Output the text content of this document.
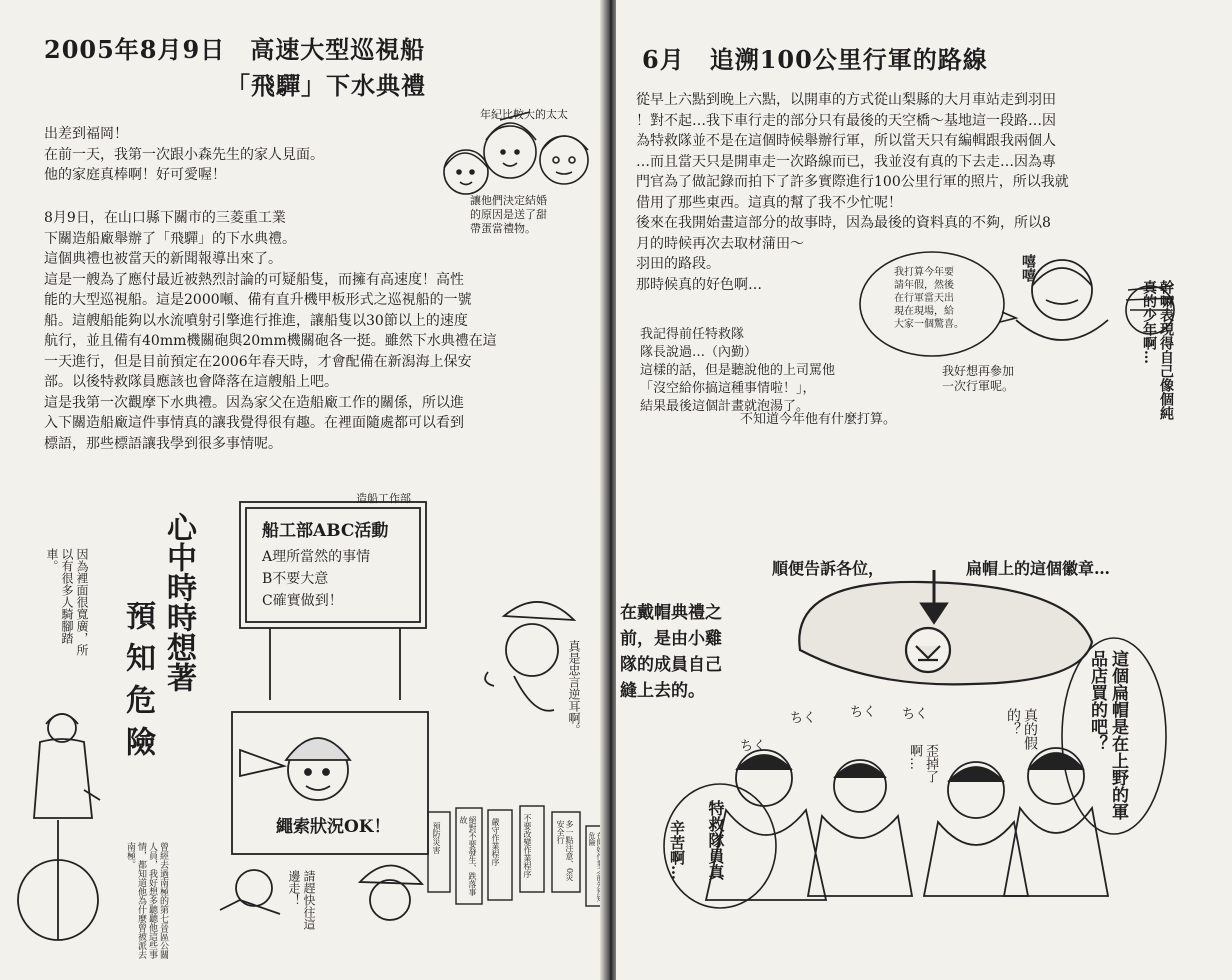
2005年8月9日　高速大型巡視船
「飛驒」下水典禮
年紀比較大的太太
讓他們決定結婚
的原因是送了甜
帶蛋當禮物。
出差到福岡！
在前一天，我第一次跟小森先生的家人見面。
他的家庭真棒啊！好可愛喔！
8月9日，在山口縣下關市的三菱重工業
下關造船廠舉辦了「飛驒」的下水典禮。
這個典禮也被當天的新聞報導出來了。
這是一艘為了應付最近被熱烈討論的可疑船隻，而擁有高速度！高性
能的大型巡視船。這是2000噸、備有直升機甲板形式之巡視船的一號
船。這艘船能夠以水流噴射引擎進行推進，讓船隻以30節以上的速度
航行，並且備有40mm機關砲與20mm機關砲各一挺。雖然下水典禮在這
一天進行，但是目前預定在2006年春天時，才會配備在新潟海上保安
部。以後特救隊員應該也會降落在這艘船上吧。
這是我第一次觀摩下水典禮。因為家父在造船廠工作的關係，所以進
入下關造船廠這件事情真的讓我覺得很有趣。在裡面隨處都可以看到
標語，那些標語讓我學到很多事情呢。
造船工作部
船工部ABC活動
A理所當然的事情
B不要大意
C確實做到！
心中時時想著
預知危險
繩索狀況OK！
因為裡面很寬廣，所以有很多人騎腳踏車。
真是忠言逆耳啊。
曾經去過南極的第七晉區公關人員，我好想多聽聽他這些事情，都知道他為什麼曾被派去南極。
請趕快往這邊走！
預防災害	絕對不要發生、跌落事故	嚴守作業程序	不要改變作業程序	多一點注意、0災安全行	危險
6月　追溯100公里行軍的路線
從早上六點到晚上六點，以開車的方式從山梨縣的大月車站走到羽田
！對不起…我下車行走的部分只有最後的天空橋～基地這一段路…因
為特救隊並不是在這個時候舉辦行軍，所以當天只有編輯跟我兩個人
…而且當天只是開車走一次路線而已，我並沒有真的下去走…因為專
門官為了做記錄而拍下了許多實際進行100公里行軍的照片，所以我就
借用了那些東西。這真的幫了我不少忙呢！
後來在我開始畫這部分的故事時，因為最後的資料真的不夠，所以8
月的時候再次去取材蒲田～
羽田的路段。
那時候真的好色啊…
我打算今年要
請年假，然後
在行軍當天出
現在現場，給
大家一個驚喜。
嘻嘻
我好想再參加
一次行軍呢。	幹嘛表現得自己像個純真的少年啊…
我記得前任特救隊
隊長說過…（內勤）
這樣的話，但是聽說他的上司罵他
「沒空給你搞這種事情啦！」，
結果最後這個計畫就泡湯了。
不知道今年他有什麼打算。
順便告訴各位，	扁帽上的這個徽章…
在戴帽典禮之
前，是由小雞
隊的成員自己
縫上去的。	這個扁帽是在上野的軍品店買的吧？
真的假的？
歪掉了啊…
辛苦啊… 特救隊員真
ちく
ちく	ちく ちく
